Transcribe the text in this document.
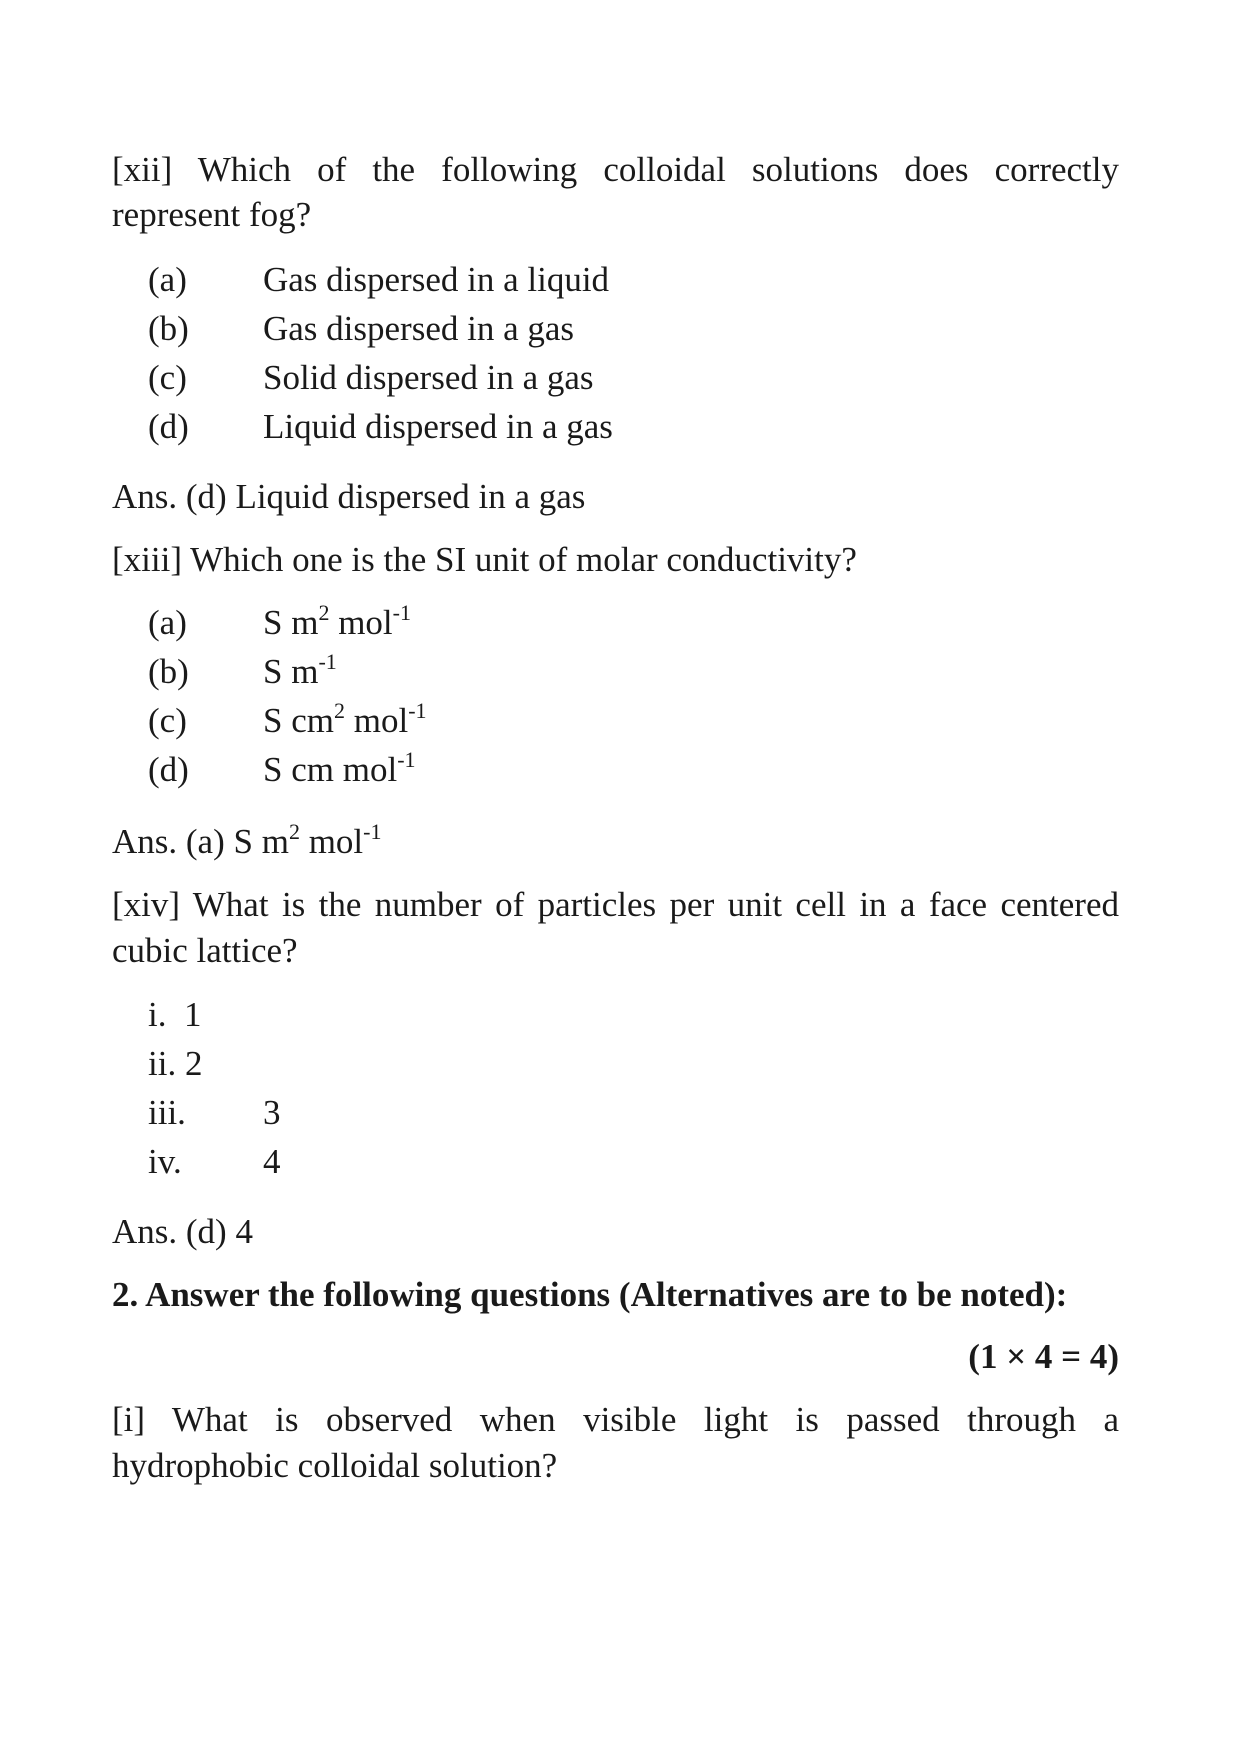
[xii] Which of the following colloidal solutions does correctly
represent fog?
(a) Gas dispersed in a liquid
(b) Gas dispersed in a gas
(c) Solid dispersed in a gas
(d) Liquid dispersed in a gas
Ans. (d) Liquid dispersed in a gas
[xiii] Which one is the SI unit of molar conductivity?
(a) S $m^2$ mol$^{-1}$
(b) S $m^{-1}$
(c) S $cm^2$ mol$^{-1}$
(d) S cm mol$^{-1}$
Ans. (a) S $m^2$ mol$^{-1}$
[xiv] What is the number of particles per unit cell in a face centered
cubic lattice?
i. 1
ii. 2
iii. 3
iv. 4
Ans. (d) 4
2. Answer the following questions (Alternatives are to be noted):
(1 × 4 = 4)
[i] What is observed when visible light is passed through a
hydrophobic colloidal solution?
